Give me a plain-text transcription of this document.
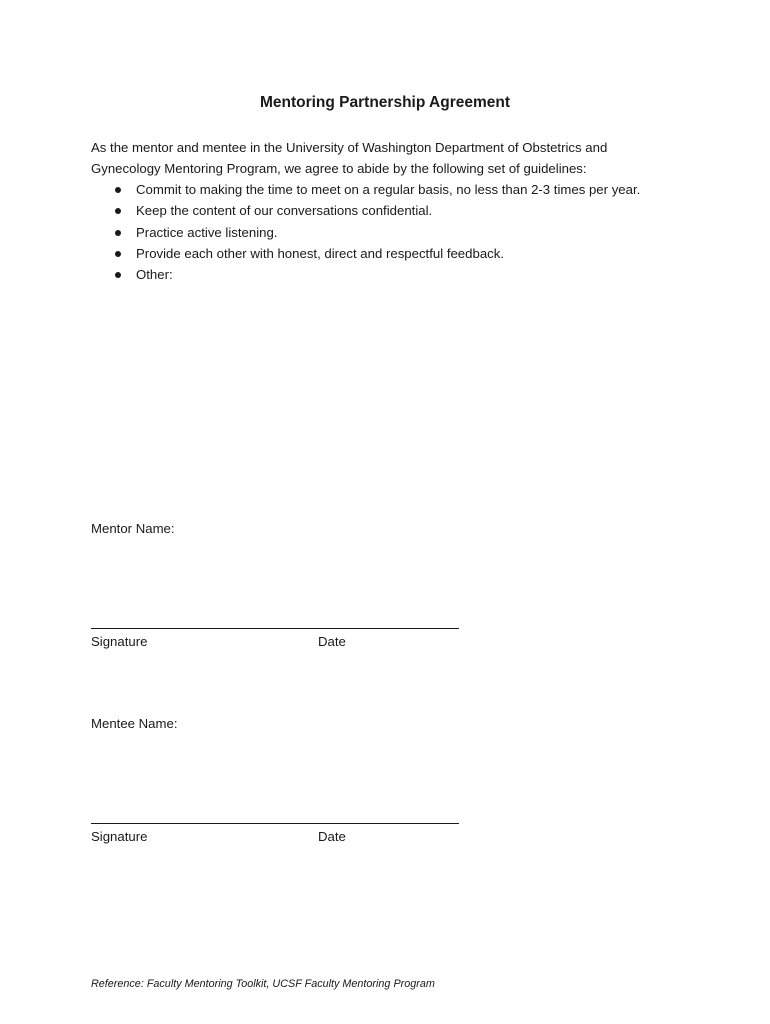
Mentoring Partnership Agreement
As the mentor and mentee in the University of Washington Department of Obstetrics and
Gynecology Mentoring Program, we agree to abide by the following set of guidelines:
Commit to making the time to meet on a regular basis, no less than 2-3 times per year.
Keep the content of our conversations confidential.
Practice active listening.
Provide each other with honest, direct and respectful feedback.
Other:
Mentor Name:
Signature	Date
Mentee Name:
Signature	Date
Reference: Faculty Mentoring Toolkit, UCSF Faculty Mentoring Program
